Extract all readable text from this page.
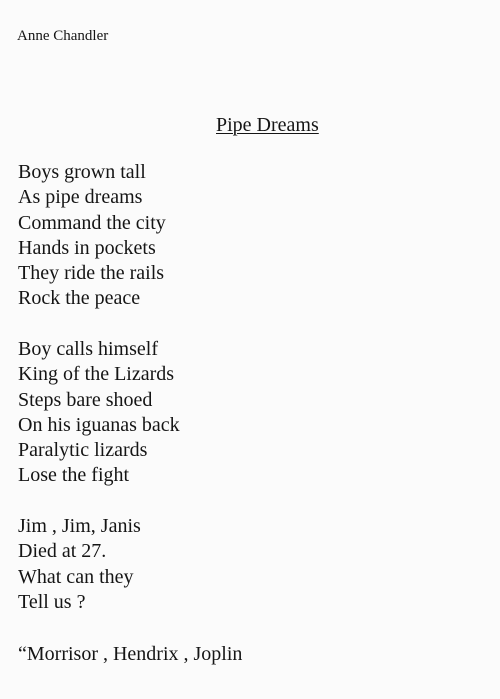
Anne Chandler
Pipe Dreams
Boys grown tall
As pipe dreams
Command the city
Hands in pockets
They ride the rails
Rock the peace
Boy calls himself
King of the Lizards
Steps bare shoed
On his iguanas back
Paralytic lizards
Lose the fight
Jim , Jim, Janis
Died at 27.
What can they
Tell us ?
“Morrisor , Hendrix , Joplin
